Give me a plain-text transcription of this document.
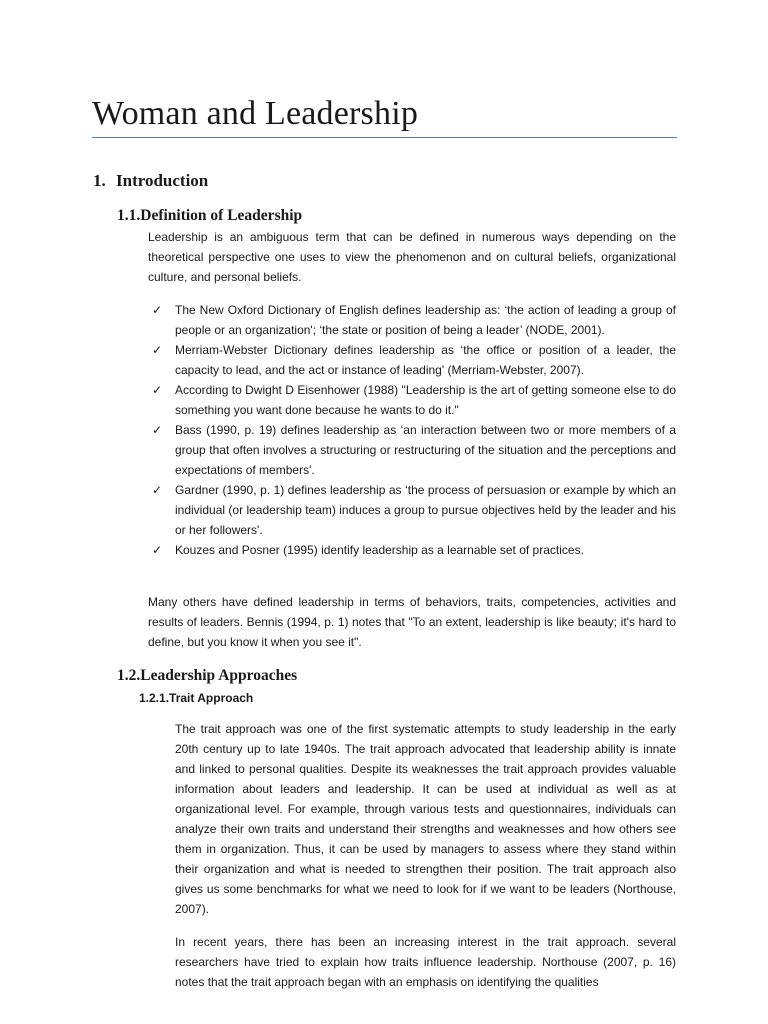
Woman and Leadership
1. Introduction
1.1.Definition of Leadership

Leadership is an ambiguous term that can be defined in numerous ways depending on the theoretical perspective one uses to view the phenomenon and on cultural beliefs, organizational culture, and personal beliefs.

✓ The New Oxford Dictionary of English defines leadership as: ‘the action of leading a group of people or an organization'; ‘the state or position of being a leader’ (NODE, 2001).
✓ Merriam-Webster Dictionary defines leadership as ‘the office or position of a leader, the capacity to lead, and the act or instance of leading' (Merriam-Webster, 2007).
✓ According to Dwight D Eisenhower (1988) "Leadership is the art of getting someone else to do something you want done because he wants to do it."
✓ Bass (1990, p. 19) defines leadership as ‘an interaction between two or more members of a group that often involves a structuring or restructuring of the situation and the perceptions and expectations of members'.
✓ Gardner (1990, p. 1) defines leadership as ‘the process of persuasion or example by which an individual (or leadership team) induces a group to pursue objectives held by the leader and his or her followers'.
✓ Kouzes and Posner (1995) identify leadership as a learnable set of practices.

Many others have defined leadership in terms of behaviors, traits, competencies, activities and results of leaders. Bennis (1994, p. 1) notes that "To an extent, leadership is like beauty; it's hard to define, but you know it when you see it".

1.2.Leadership Approaches
1.2.1.Trait Approach

The trait approach was one of the first systematic attempts to study leadership in the early 20th century up to late 1940s. The trait approach advocated that leadership ability is innate and linked to personal qualities. Despite its weaknesses the trait approach provides valuable information about leaders and leadership. It can be used at individual as well as at organizational level. For example, through various tests and questionnaires, individuals can analyze their own traits and understand their strengths and weaknesses and how others see them in organization. Thus, it can be used by managers to assess where they stand within their organization and what is needed to strengthen their position. The trait approach also gives us some benchmarks for what we need to look for if we want to be leaders (Northouse, 2007).

In recent years, there has been an increasing interest in the trait approach. several researchers have tried to explain how traits influence leadership. Northouse (2007, p. 16) notes that the trait approach began with an emphasis on identifying the qualities
